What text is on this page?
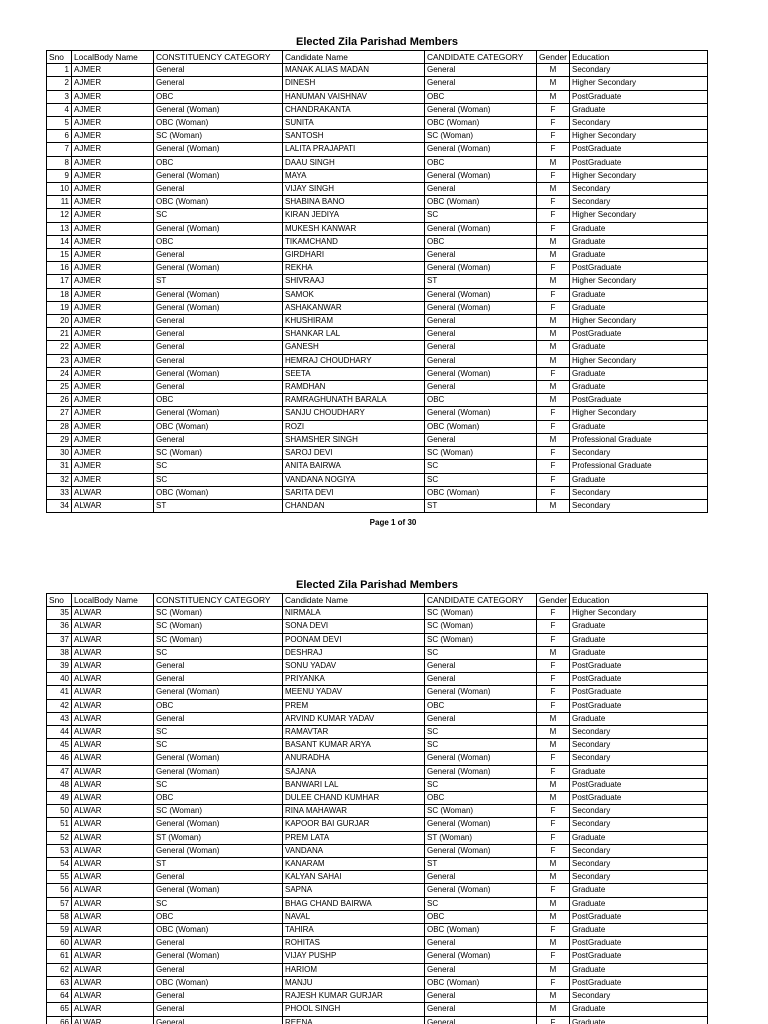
Elected Zila Parishad Members
Sno	LocalBody Name	CONSTITUENCY CATEGORY	Candidate Name	CANDIDATE CATEGORY	Gender	Education
1	AJMER	General	MANAK ALIAS MADAN	General	M	Secondary
2	AJMER	General	DINESH	General	M	Higher Secondary
3	AJMER	OBC	HANUMAN VAISHNAV	OBC	M	PostGraduate
4	AJMER	General (Woman)	CHANDRAKANTA	General (Woman)	F	Graduate
5	AJMER	OBC (Woman)	SUNITA	OBC (Woman)	F	Secondary
6	AJMER	SC (Woman)	SANTOSH	SC (Woman)	F	Higher Secondary
7	AJMER	General (Woman)	LALITA PRAJAPATI	General (Woman)	F	PostGraduate
8	AJMER	OBC	DAAU SINGH	OBC	M	PostGraduate
9	AJMER	General (Woman)	MAYA	General (Woman)	F	Higher Secondary
10	AJMER	General	VIJAY SINGH	General	M	Secondary
11	AJMER	OBC (Woman)	SHABINA BANO	OBC (Woman)	F	Secondary
12	AJMER	SC	KIRAN JEDIYA	SC	F	Higher Secondary
13	AJMER	General (Woman)	MUKESH KANWAR	General (Woman)	F	Graduate
14	AJMER	OBC	TIKAMCHAND	OBC	M	Graduate
15	AJMER	General	GIRDHARI	General	M	Graduate
16	AJMER	General (Woman)	REKHA	General (Woman)	F	PostGraduate
17	AJMER	ST	SHIVRAAJ	ST	M	Higher Secondary
18	AJMER	General (Woman)	SAMOK	General (Woman)	F	Graduate
19	AJMER	General (Woman)	ASHAKANWAR	General (Woman)	F	Graduate
20	AJMER	General	KHUSHIRAM	General	M	Higher Secondary
21	AJMER	General	SHANKAR LAL	General	M	PostGraduate
22	AJMER	General	GANESH	General	M	Graduate
23	AJMER	General	HEMRAJ CHOUDHARY	General	M	Higher Secondary
24	AJMER	General (Woman)	SEETA	General (Woman)	F	Graduate
25	AJMER	General	RAMDHAN	General	M	Graduate
26	AJMER	OBC	RAMRAGHUNATH BARALA	OBC	M	PostGraduate
27	AJMER	General (Woman)	SANJU CHOUDHARY	General (Woman)	F	Higher Secondary
28	AJMER	OBC (Woman)	ROZI	OBC (Woman)	F	Graduate
29	AJMER	General	SHAMSHER SINGH	General	M	Professional Graduate
30	AJMER	SC (Woman)	SAROJ DEVI	SC (Woman)	F	Secondary
31	AJMER	SC	ANITA BAIRWA	SC	F	Professional Graduate
32	AJMER	SC	VANDANA NOGIYA	SC	F	Graduate
33	ALWAR	OBC (Woman)	SARITA DEVI	OBC (Woman)	F	Secondary
34	ALWAR	ST	CHANDAN	ST	M	Secondary
Page 1 of 30
Elected Zila Parishad Members
Sno	LocalBody Name	CONSTITUENCY CATEGORY	Candidate Name	CANDIDATE CATEGORY	Gender	Education
35	ALWAR	SC (Woman)	NIRMALA	SC (Woman)	F	Higher Secondary
36	ALWAR	SC (Woman)	SONA DEVI	SC (Woman)	F	Graduate
37	ALWAR	SC (Woman)	POONAM DEVI	SC (Woman)	F	Graduate
38	ALWAR	SC	DESHRAJ	SC	M	Graduate
39	ALWAR	General	SONU YADAV	General	F	PostGraduate
40	ALWAR	General	PRIYANKA	General	F	PostGraduate
41	ALWAR	General (Woman)	MEENU YADAV	General (Woman)	F	PostGraduate
42	ALWAR	OBC	PREM	OBC	F	PostGraduate
43	ALWAR	General	ARVIND KUMAR YADAV	General	M	Graduate
44	ALWAR	SC	RAMAVTAR	SC	M	Secondary
45	ALWAR	SC	BASANT KUMAR ARYA	SC	M	Secondary
46	ALWAR	General (Woman)	ANURADHA	General (Woman)	F	Secondary
47	ALWAR	General (Woman)	SAJANA	General (Woman)	F	Graduate
48	ALWAR	SC	BANWARI LAL	SC	M	PostGraduate
49	ALWAR	OBC	DULEE CHAND KUMHAR	OBC	M	PostGraduate
50	ALWAR	SC (Woman)	RINA MAHAWAR	SC (Woman)	F	Secondary
51	ALWAR	General (Woman)	KAPOOR BAI GURJAR	General (Woman)	F	Secondary
52	ALWAR	ST (Woman)	PREM LATA	ST (Woman)	F	Graduate
53	ALWAR	General (Woman)	VANDANA	General (Woman)	F	Secondary
54	ALWAR	ST	KANARAM	ST	M	Secondary
55	ALWAR	General	KALYAN SAHAI	General	M	Secondary
56	ALWAR	General (Woman)	SAPNA	General (Woman)	F	Graduate
57	ALWAR	SC	BHAG CHAND BAIRWA	SC	M	Graduate
58	ALWAR	OBC	NAVAL	OBC	M	PostGraduate
59	ALWAR	OBC (Woman)	TAHIRA	OBC (Woman)	F	Graduate
60	ALWAR	General	ROHITAS	General	M	PostGraduate
61	ALWAR	General (Woman)	VIJAY PUSHP	General (Woman)	F	PostGraduate
62	ALWAR	General	HARIOM	General	M	Graduate
63	ALWAR	OBC (Woman)	MANJU	OBC (Woman)	F	PostGraduate
64	ALWAR	General	RAJESH KUMAR GURJAR	General	M	Secondary
65	ALWAR	General	PHOOL SINGH	General	M	Graduate
66	ALWAR	General	REENA	General	F	Graduate
